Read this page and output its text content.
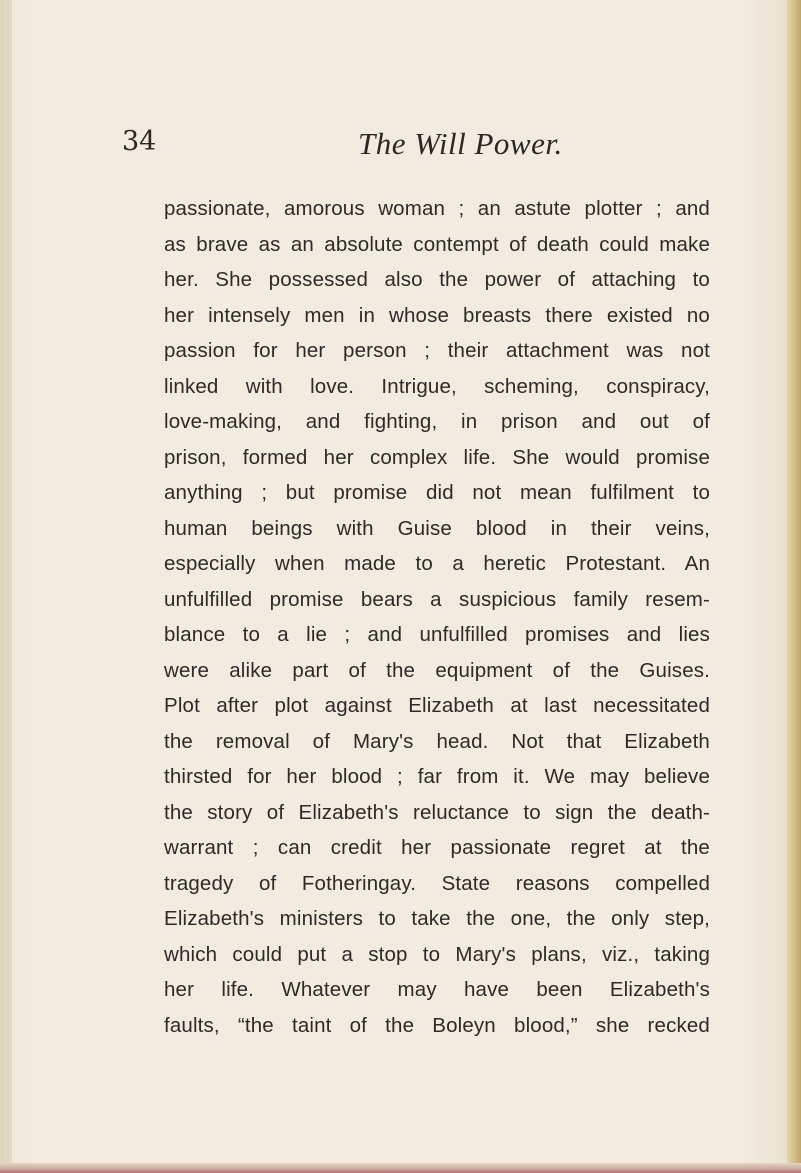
34	The Will Power.
passionate, amorous woman ; an astute plotter ; and
as brave as an absolute contempt of death could make
her. She possessed also the power of attaching to
her intensely men in whose breasts there existed no
passion for her person ; their attachment was not
linked with love. Intrigue, scheming, conspiracy,
love-making, and fighting, in prison and out of
prison, formed her complex life. She would promise
anything ; but promise did not mean fulfilment to
human beings with Guise blood in their veins,
especially when made to a heretic Protestant. An
unfulfilled promise bears a suspicious family resem-
blance to a lie ; and unfulfilled promises and lies
were alike part of the equipment of the Guises.
Plot after plot against Elizabeth at last necessitated
the removal of Mary's head. Not that Elizabeth
thirsted for her blood ; far from it. We may believe
the story of Elizabeth's reluctance to sign the death-
warrant ; can credit her passionate regret at the
tragedy of Fotheringay. State reasons compelled
Elizabeth's ministers to take the one, the only step,
which could put a stop to Mary's plans, viz., taking
her life. Whatever may have been Elizabeth's
faults, “the taint of the Boleyn blood,” she recked
